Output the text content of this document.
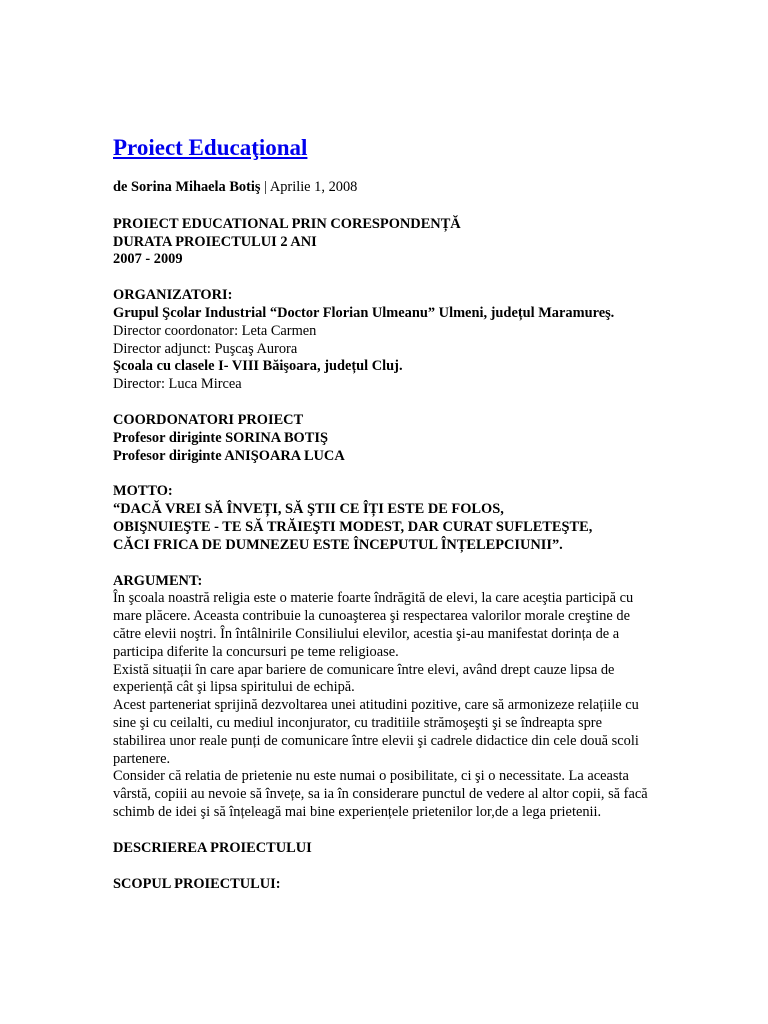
Proiect Educaţional
de Sorina Mihaela Botiş | Aprilie 1, 2008
PROIECT EDUCATIONAL PRIN CORESPONDENȚĂ
DURATA PROIECTULUI 2 ANI
2007 - 2009
ORGANIZATORI:
Grupul Şcolar Industrial “Doctor Florian Ulmeanu” Ulmeni, județul Maramureş.
Director coordonator: Leta Carmen
Director adjunct: Puşcaş Aurora
Şcoala cu clasele I- VIII Băişoara, județul Cluj.
Director: Luca Mircea
COORDONATORI PROIECT
Profesor diriginte SORINA BOTIŞ
Profesor diriginte ANIŞOARA LUCA
MOTTO:
“DACĂ VREI SĂ ÎNVEȚI, SĂ ŞTII CE ÎȚI ESTE DE FOLOS,
OBIŞNUIEŞTE - TE SĂ TRĂIEŞTI MODEST, DAR CURAT SUFLETEŞTE,
CĂCI FRICA DE DUMNEZEU ESTE ÎNCEPUTUL ÎNȚELEPCIUNII”.
ARGUMENT:
În şcoala noastră religia este o materie foarte îndrăgită de elevi, la care aceştia participă cu mare plăcere. Aceasta contribuie la cunoaşterea şi respectarea valorilor morale creştine de către elevii noştri. În întâlnirile Consiliului elevilor, acestia şi-au manifestat dorința de a participa diferite la concursuri pe teme religioase.
Există situații în care apar bariere de comunicare între elevi, având drept cauze lipsa de experiență cât şi lipsa spiritului de echipă.
Acest parteneriat sprijină dezvoltarea unei atitudini pozitive, care să armonizeze relațiile cu sine şi cu ceilalti, cu mediul inconjurator, cu traditiile strămoşeşti şi se îndreapta spre stabilirea unor reale punți de comunicare între elevii şi cadrele didactice din cele două scoli partenere.
Consider că relatia de prietenie nu este numai o posibilitate, ci şi o necessitate. La aceasta vârstă, copiii au nevoie să învețe, sa ia în considerare punctul de vedere al altor copii, să facă schimb de idei şi să înțeleagă mai bine experiențele prietenilor lor,de a lega prietenii.
DESCRIEREA PROIECTULUI
SCOPUL PROIECTULUI:
